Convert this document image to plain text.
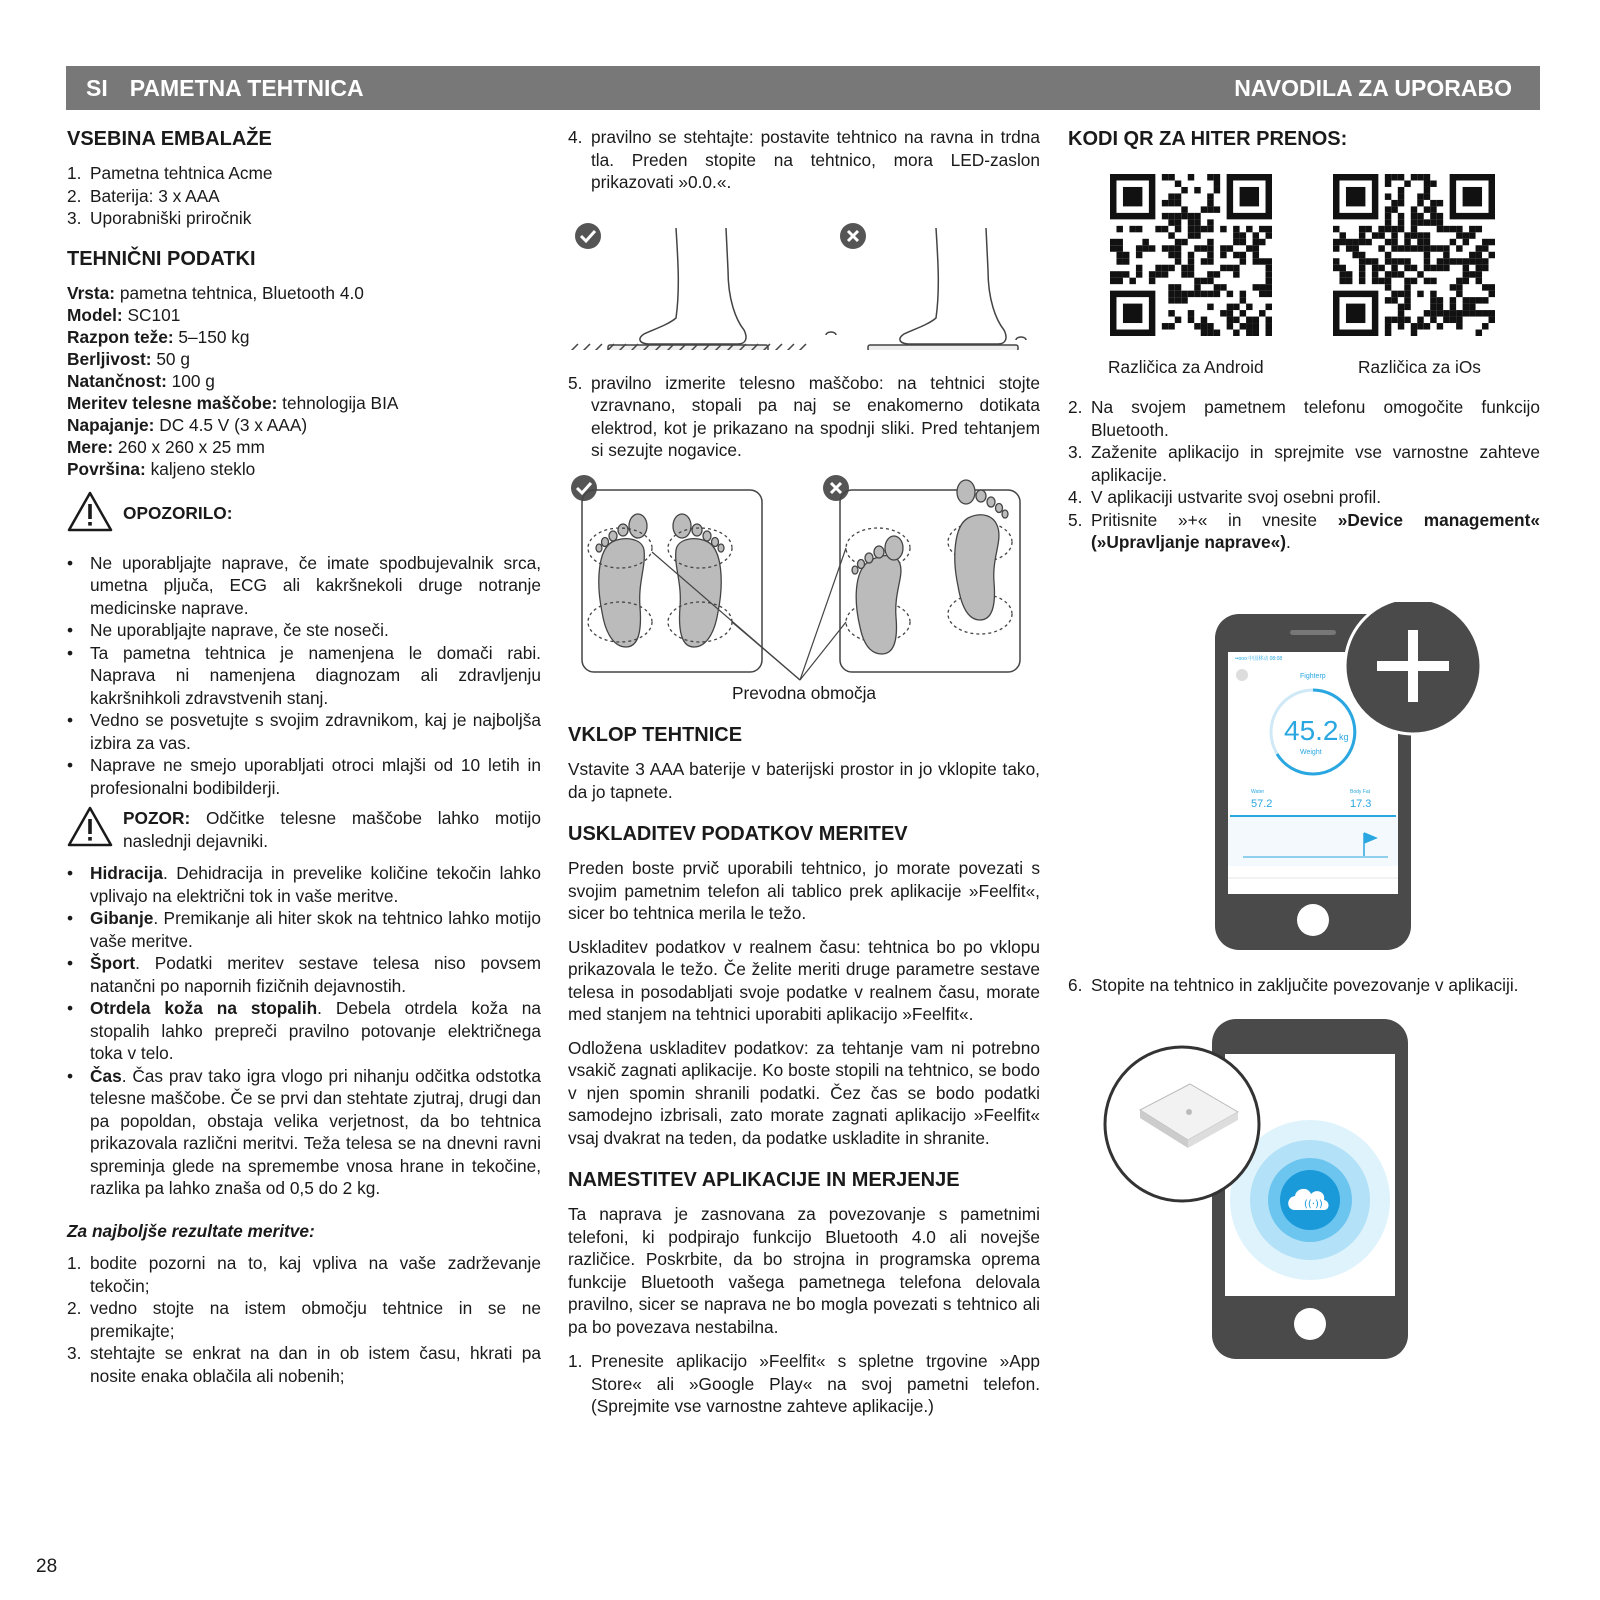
SI PAMETNA TEHTNICA	NAVODILA ZA UPORABO
VSEBINA EMBALAŽE
1. Pametna tehtnica Acme
2. Baterija: 3 x AAA
3. Uporabniški priročnik
TEHNIČNI PODATKI
Vrsta: pametna tehtnica, Bluetooth 4.0
Model: SC101
Razpon teže: 5–150 kg
Berljivost: 50 g
Natančnost: 100 g
Meritev telesne maščobe: tehnologija BIA
Napajanje: DC 4.5 V (3 x AAA)
Mere: 260 x 260 x 25 mm
Površina: kaljeno steklo
OPOZORILO:
• Ne uporabljajte naprave, če imate spodbujevalnik srca, umetna pljuča, ECG ali kakršnekoli druge notranje medicinske naprave.
• Ne uporabljajte naprave, če ste noseči.
• Ta pametna tehtnica je namenjena le domači rabi. Naprava ni namenjena diagnozam ali zdravljenju kakršnihkoli zdravstvenih stanj.
• Vedno se posvetujte s svojim zdravnikom, kaj je najboljša izbira za vas.
• Naprave ne smejo uporabljati otroci mlajši od 10 letih in profesionalni bodibilderji.
POZOR: Odčitke telesne maščobe lahko motijo naslednji dejavniki.
• Hidracija. Dehidracija in prevelike količine tekočin lahko vplivajo na električni tok in vaše meritve.
• Gibanje. Premikanje ali hiter skok na tehtnico lahko motijo vaše meritve.
• Šport. Podatki meritev sestave telesa niso povsem natančni po napornih fizičnih dejavnostih.
• Otrdela koža na stopalih. Debela otrdela koža na stopalih lahko prepreči pravilno potovanje električnega toka v telo.
• Čas. Čas prav tako igra vlogo pri nihanju odčitka odstotka telesne maščobe. Če se prvi dan stehtate zjutraj, drugi dan pa popoldan, obstaja velika verjetnost, da bo tehtnica prikazovala različni meritvi. Teža telesa se na dnevni ravni spreminja glede na spremembe vnosa hrane in tekočine, razlika pa lahko znaša od 0,5 do 2 kg.
Za najboljše rezultate meritve:
1. bodite pozorni na to, kaj vpliva na vaše zadrževanje tekočin;
2. vedno stojte na istem območju tehtnice in se ne premikajte;
3. stehtajte se enkrat na dan in ob istem času, hkrati pa nosite enaka oblačila ali nobenih;
4. pravilno se stehtajte: postavite tehtnico na ravna in trdna tla. Preden stopite na tehtnico, mora LED-zaslon prikazovati »0.0.«.
5. pravilno izmerite telesno maščobo: na tehtnici stojte vzravnano, stopali pa naj se enakomerno dotikata elektrod, kot je prikazano na spodnji sliki. Pred tehtanjem si sezujte nogavice.
Prevodna območja
VKLOP TEHTNICE

Vstavite 3 AAA baterije v baterijski prostor in jo vklopite tako, da jo tapnete.

USKLADITEV PODATKOV MERITEV

Preden boste prvič uporabili tehtnico, jo morate povezati s svojim pametnim telefon ali tablico prek aplikacije »Feelfit«, sicer bo tehtnica merila le težo.

Uskladitev podatkov v realnem času: tehtnica bo po vklopu prikazovala le težo. Če želite meriti druge parametre sestave telesa in posodabljati svoje podatke v realnem času, morate med stanjem na tehtnici uporabiti aplikacijo »Feelfit«.

Odložena uskladitev podatkov: za tehtanje vam ni potrebno vsakič zagnati aplikacije. Ko boste stopili na tehtnico, se bodo v njen spomin shranili podatki. Čez čas se bodo podatki samodejno izbrisali, zato morate zagnati aplikacijo »Feelfit« vsaj dvakrat na teden, da podatke uskladite in shranite.

NAMESTITEV APLIKACIJE IN MERJENJE

Ta naprava je zasnovana za povezovanje s pametnimi telefoni, ki podpirajo funkcijo Bluetooth 4.0 ali novejše različice. Poskrbite, da bo strojna in programska oprema funkcije Bluetooth vašega pametnega telefona delovala pravilno, sicer se naprava ne bo mogla povezati s tehtnico ali pa bo povezava nestabilna.

1. Prenesite aplikacijo »Feelfit« s spletne trgovine »App Store« ali »Google Play« na svoj pametni telefon. (Sprejmite vse varnostne zahteve aplikacije.)
KODI QR ZA HITER PRENOS:
Različica za Android	Različica za iOs
2. Na svojem pametnem telefonu omogočite funkcijo Bluetooth.
3. Zaženite aplikacijo in sprejmite vse varnostne zahteve aplikacije.
4. V aplikaciji ustvarite svoj osebni profil.
5. Pritisnite »+« in vnesite »Device management« (»Upravljanje naprave«).
••ooo 中国移动 08:08
Fighterp
45.2 kg
Weight
Water
57.2
Body Fat
17.3
6. Stopite na tehtnico in zaključite povezovanje v aplikaciji.
((·))
28
